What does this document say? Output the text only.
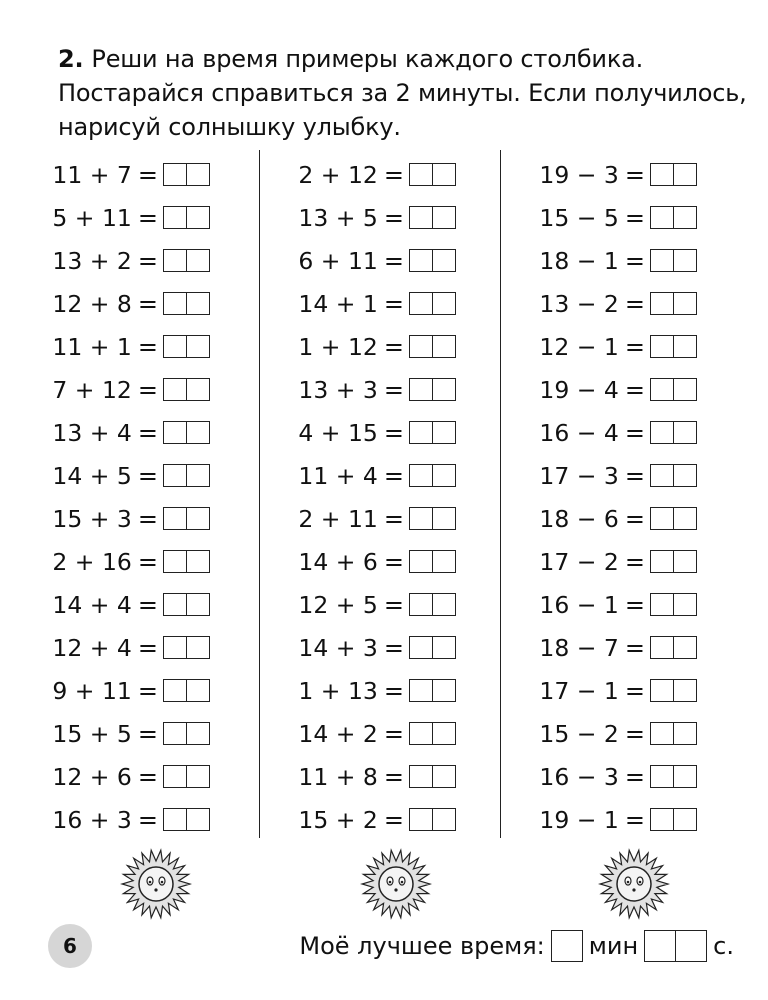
2. Реши на время примеры каждого столбика. Постарайся справиться за 2 минуты. Если получилось, нарисуй солнышку улыбку.
11 + 7 =
5 + 11 =
13 + 2 =
12 + 8 =
11 + 1 =
7 + 12 =
13 + 4 =
14 + 5 =
15 + 3 =
2 + 16 =
14 + 4 =
12 + 4 =
9 + 11 =
15 + 5 =
12 + 6 =
16 + 3 =
2 + 12 =
13 + 5 =
6 + 11 =
14 + 1 =
1 + 12 =
13 + 3 =
4 + 15 =
11 + 4 =
2 + 11 =
14 + 6 =
12 + 5 =
14 + 3 =
1 + 13 =
14 + 2 =
11 + 8 =
15 + 2 =
19 − 3 =
15 − 5 =
18 − 1 =
13 − 2 =
12 − 1 =
19 − 4 =
16 − 4 =
17 − 3 =
18 − 6 =
17 − 2 =
16 − 1 =
18 − 7 =
17 − 1 =
15 − 2 =
16 − 3 =
19 − 1 =
6	Моё лучшее время: мин	с.
